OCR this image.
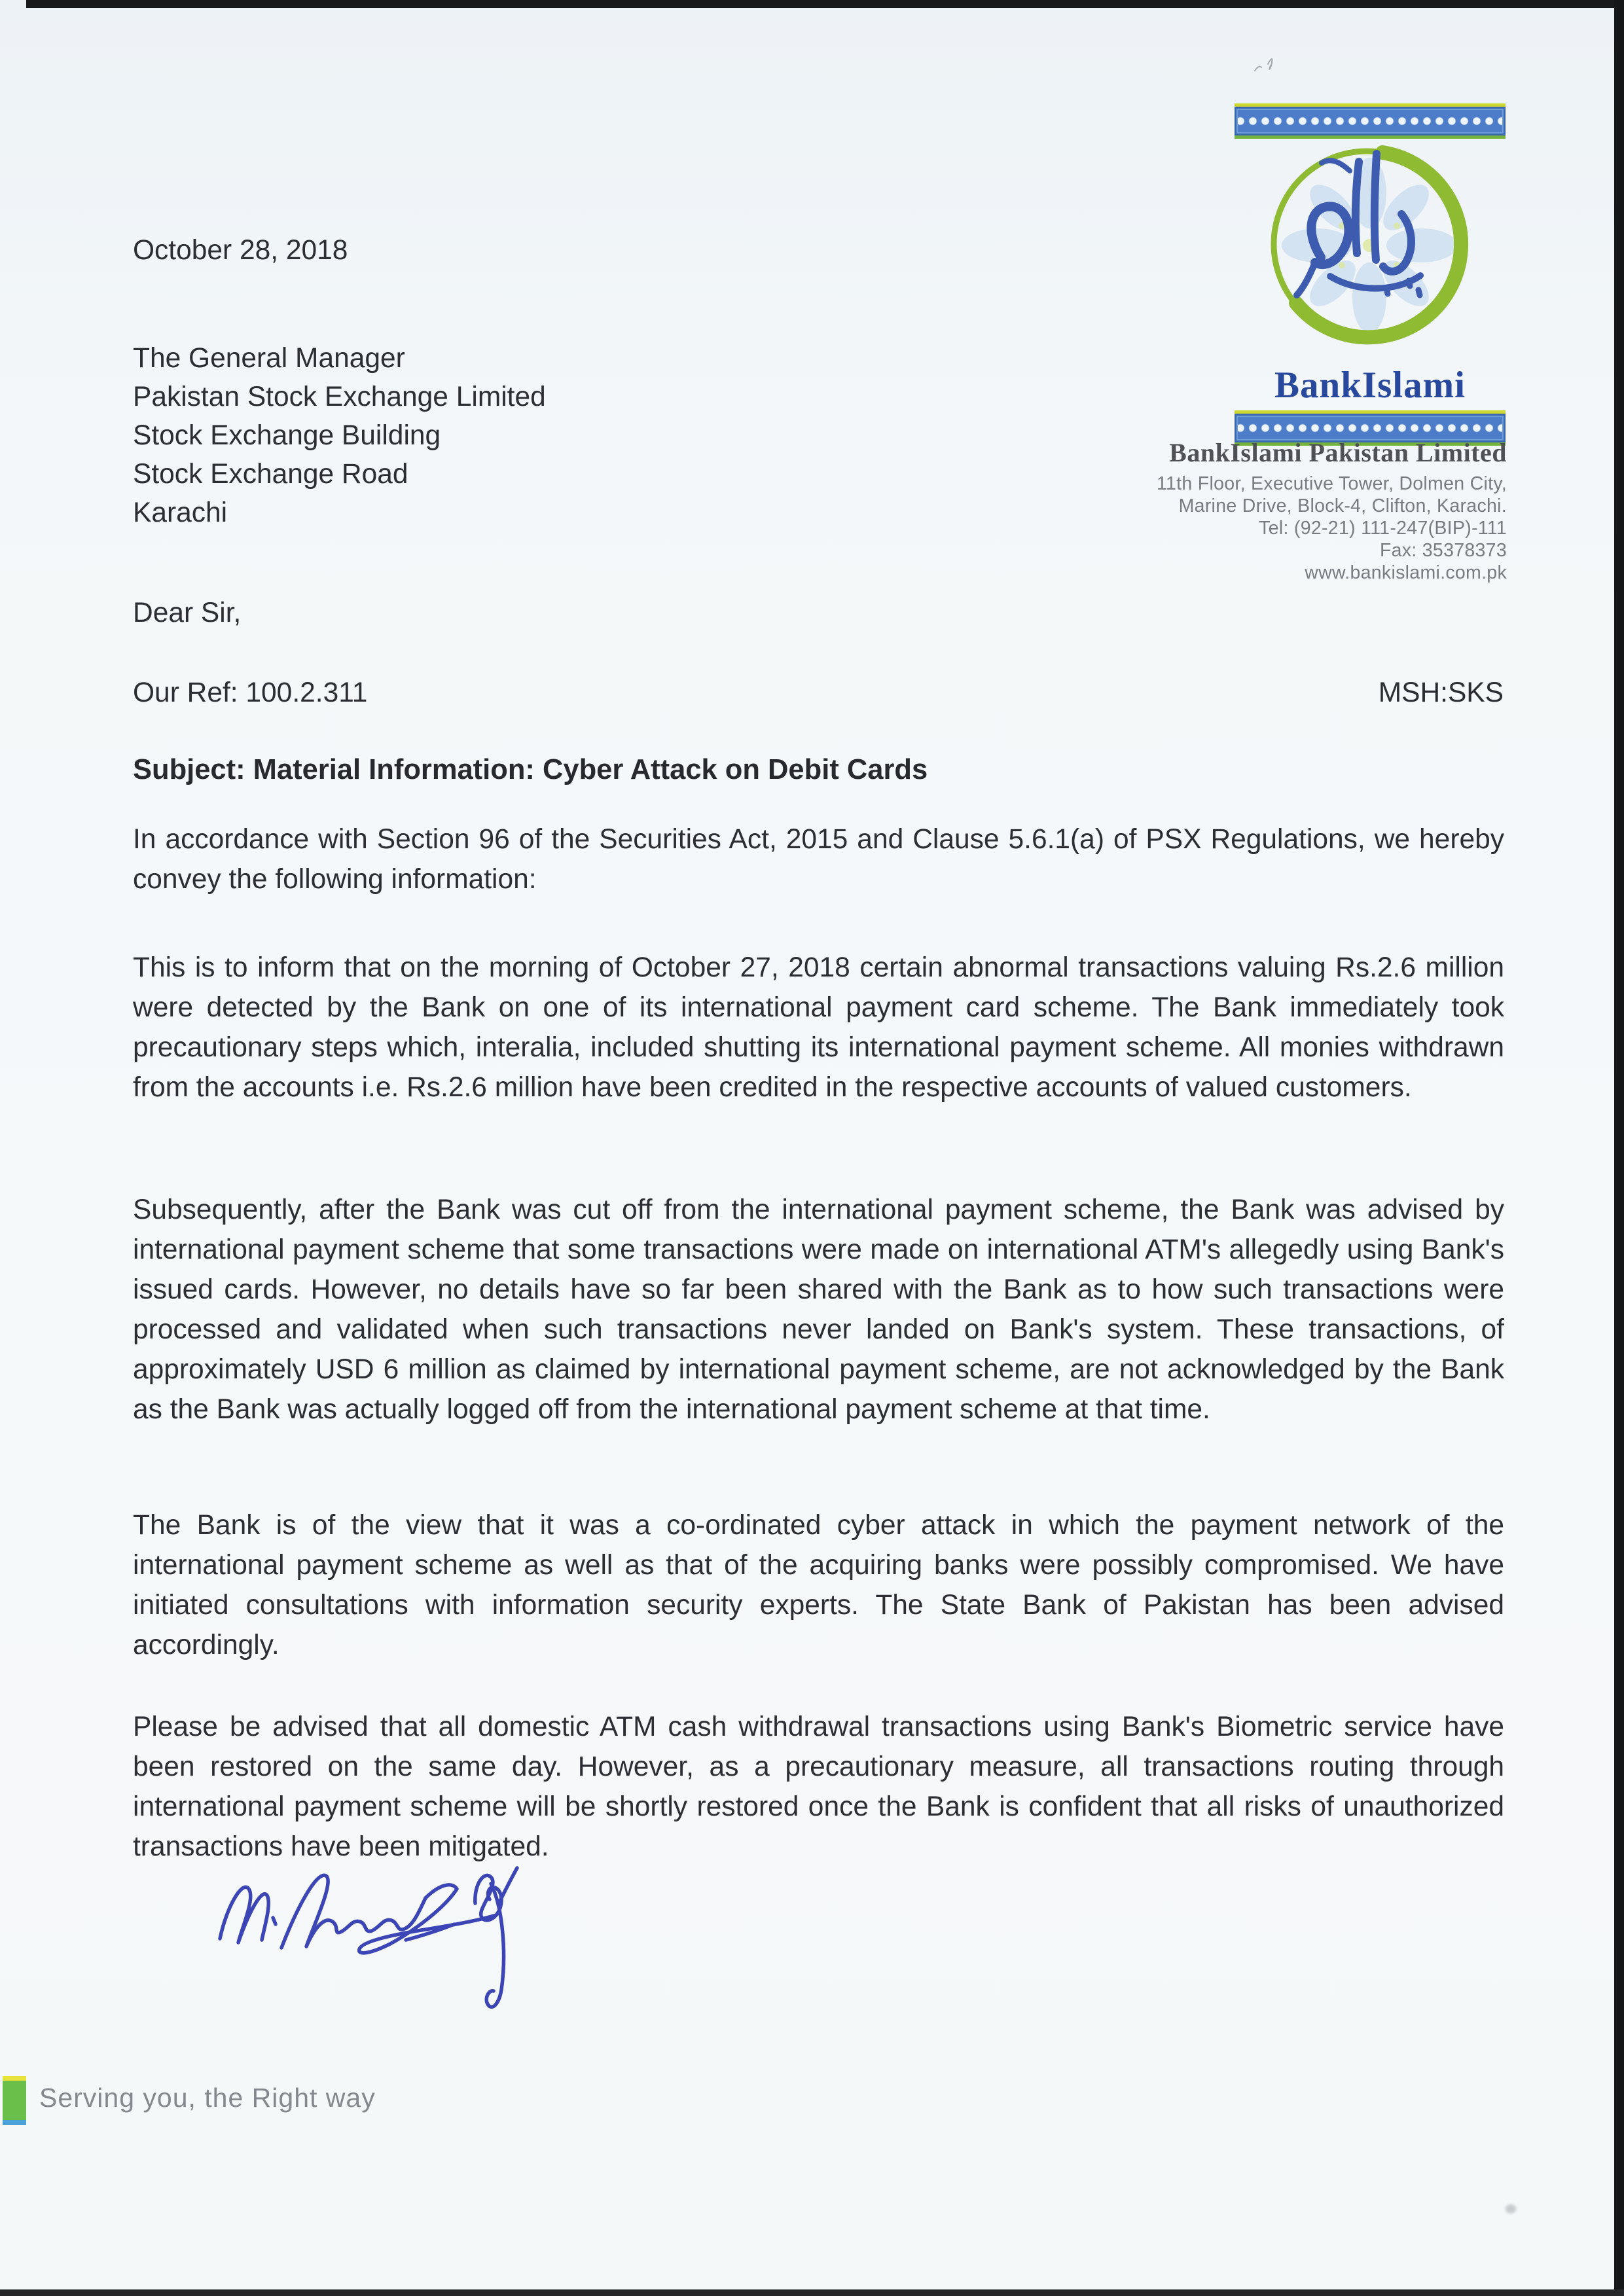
BankIslami
BankIslami Pakistan Limited
11th Floor, Executive Tower, Dolmen City,
Marine Drive, Block-4, Clifton, Karachi.
Tel: (92-21) 111-247(BIP)-111
Fax: 35378373
www.bankislami.com.pk
October 28, 2018
The General Manager
Pakistan Stock Exchange Limited
Stock Exchange Building
Stock Exchange Road
Karachi
Dear Sir,
Our Ref: 100.2.311	MSH:SKS
Subject: Material Information: Cyber Attack on Debit Cards
In accordance with Section 96 of the Securities Act, 2015 and Clause 5.6.1(a) of PSX Regulations, we hereby convey the following information:
This is to inform that on the morning of October 27, 2018 certain abnormal transactions valuing Rs.2.6 million were detected by the Bank on one of its international payment card scheme. The Bank immediately took precautionary steps which, interalia, included shutting its international payment scheme. All monies withdrawn from the accounts i.e. Rs.2.6 million have been credited in the respective accounts of valued customers.
Subsequently, after the Bank was cut off from the international payment scheme, the Bank was advised by international payment scheme that some transactions were made on international ATM's allegedly using Bank's issued cards. However, no details have so far been shared with the Bank as to how such transactions were processed and validated when such transactions never landed on Bank's system. These transactions, of approximately USD 6 million as claimed by international payment scheme, are not acknowledged by the Bank as the Bank was actually logged off from the international payment scheme at that time.
The Bank is of the view that it was a co-ordinated cyber attack in which the payment network of the international payment scheme as well as that of the acquiring banks were possibly compromised. We have initiated consultations with information security experts. The State Bank of Pakistan has been advised accordingly.
Please be advised that all domestic ATM cash withdrawal transactions using Bank's Biometric service have been restored on the same day. However, as a precautionary measure, all transactions routing through international payment scheme will be shortly restored once the Bank is confident that all risks of unauthorized transactions have been mitigated.
Serving you, the Right way
